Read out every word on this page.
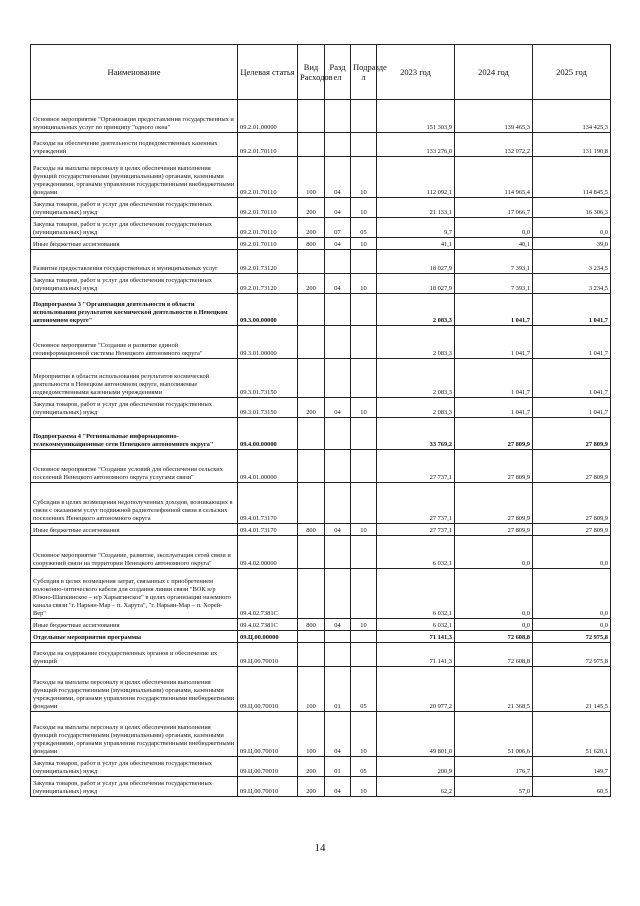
Наименование	Целевая статья	Вид Расходов	Разд ел	Подразде л	2023 год	2024 год	2025 год
Основное мероприятие "Организация предоставления государственных и муниципальных услуг по принципу "одного окна"	09.2.01.00000				151 303,9	139 465,3	134 425,3
Расходы на обеспечение деятельности подведомственных казенных учреждений	09.2.01.70110				133 276,0	132 072,2	131 190,8
Расходы на выплаты персоналу в целях обеспечения выполнения функций государственными (муниципальными) органами, казенными учреждениями, органами управления государственными внебюджетными фондами	09.2.01.70110	100	04	10	112 092,1	114 965,4	114 845,5
Закупка товаров, работ и услуг для обеспечения государственных (муниципальных) нужд	09.2.01.70110	200	04	10	21 133,1	17 066,7	16 306,3
Закупка товаров, работ и услуг для обеспечения государственных (муниципальных) нужд	09.2.01.70110	200	07	05	9,7	0,0	0,0
Иные бюджетные ассигнования	09.2.01.70110	800	04	10	41,1	40,1	39,0
Развитие предоставления государственных и муниципальных услуг	09.2.01.73120				18 027,9	7 393,1	3 234,5
Закупка товаров, работ и услуг для обеспечения государственных (муниципальных) нужд	09.2.01.73120	200	04	10	18 027,9	7 393,1	3 234,5
Подпрограмма 3 "Организация деятельности в области использования результатов космической деятельности в Ненецком автономном округе"	09.3.00.00000				2 083,3	1 041,7	1 041,7
Основное мероприятие "Создание и развитие единой геоинформационной системы Ненецкого автономного округа"	09.3.01.00000				2 083,3	1 041,7	1 041,7
Мероприятия в области использования результатов космической деятельности в Ненецком автономном округе, выполняемые подведомственными казенными учреждениями	09.3.01.73150				2 083,3	1 041,7	1 041,7
Закупка товаров, работ и услуг для обеспечения государственных (муниципальных) нужд	09.3.01.73150	200	04	10	2 083,3	1 041,7	1 041,7
Подпрограмма 4 "Региональные информационно-телекоммуникационные сети Ненецкого автономного округа"	09.4.00.00000				33 769,2	27 809,9	27 809,9
Основное мероприятие "Создание условий для обеспечения сельских поселений Ненецкого автономного округа услугами связи"	09.4.01.00000				27 737,1	27 809,9	27 809,9
Субсидии в целях возмещения недополученных доходов, возникающих в связи с оказанием услуг подвижной радиотелефонной связи в сельских поселениях Ненецкого автономного округа	09.4.01.73170				27 737,1	27 809,9	27 809,9
Иные бюджетные ассигнования	09.4.01.73170	800	04	10	27 737,1	27 809,9	27 809,9
Основное мероприятие "Создание, развитие, эксплуатация сетей связи и сооружений связи на территории Ненецкого автономного округа"	09.4.02.00000				6 032,1	0,0	0,0
Субсидия в целях возмещения затрат, связанных с приобретением волоконно-оптического кабеля для создания линии связи "ВОК н/р Южно-Шапкинское – н/р Харьягинское" в целях организации наземного канала связи "г. Нарьян-Мар – п. Харута", "г. Нарьян-Мар – п. Хорей-Вер"	09.4.02.7381C				6 032,1	0,0	0,0
Иные бюджетные ассигнования	09.4.02.7381C	800	04	10	6 032,1	0,0	0,0
Отдельные мероприятия программы	09.Ц.00.00000				71 141,3	72 608,8	72 975,8
Расходы на содержание государственных органов и обеспечение их функций	09.Ц.00.70010				71 141,3	72 608,8	72 975,8
Расходы на выплаты персоналу в целях обеспечения выполнения функций государственными (муниципальными) органами, казенными учреждениями, органами управления государственными внебюджетными фондами	09.Ц.00.70010	100	01	05	20 977,2	21 368,5	21 145,5
Расходы на выплаты персоналу в целях обеспечения выполнения функций государственными (муниципальными) органами, казенными учреждениями, органами управления государственными внебюджетными фондами	09.Ц.00.70010	100	04	10	49 801,0	51 006,6	51 620,1
Закупка товаров, работ и услуг для обеспечения государственных (муниципальных) нужд	09.Ц.00.70010	200	01	05	200,9	176,7	149,7
Закупка товаров, работ и услуг для обеспечения государственных (муниципальных) нужд	09.Ц.00.70010	200	04	10	62,2	57,0	60,5
14
